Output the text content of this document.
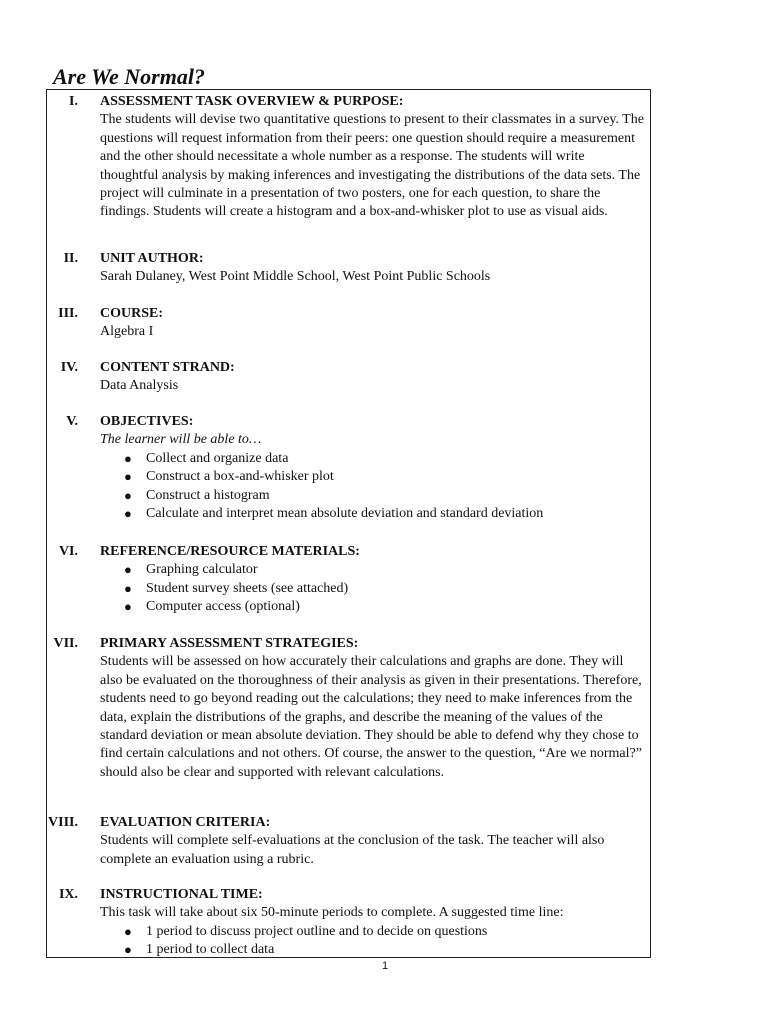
Are We Normal?
I. ASSESSMENT TASK OVERVIEW & PURPOSE:
The students will devise two quantitative questions to present to their classmates in a survey. The questions will request information from their peers: one question should require a measurement and the other should necessitate a whole number as a response. The students will write thoughtful analysis by making inferences and investigating the distributions of the data sets. The project will culminate in a presentation of two posters, one for each question, to share the findings. Students will create a histogram and a box-and-whisker plot to use as visual aids.
II. UNIT AUTHOR:
Sarah Dulaney, West Point Middle School, West Point Public Schools
III. COURSE:
Algebra I
IV. CONTENT STRAND:
Data Analysis
V. OBJECTIVES:
The learner will be able to…
● Collect and organize data
● Construct a box-and-whisker plot
● Construct a histogram
● Calculate and interpret mean absolute deviation and standard deviation
VI. REFERENCE/RESOURCE MATERIALS:
● Graphing calculator
● Student survey sheets (see attached)
● Computer access (optional)
VII. PRIMARY ASSESSMENT STRATEGIES:
Students will be assessed on how accurately their calculations and graphs are done. They will also be evaluated on the thoroughness of their analysis as given in their presentations. Therefore, students need to go beyond reading out the calculations; they need to make inferences from the data, explain the distributions of the graphs, and describe the meaning of the values of the standard deviation or mean absolute deviation. They should be able to defend why they chose to find certain calculations and not others. Of course, the answer to the question, “Are we normal?” should also be clear and supported with relevant calculations.
VIII. EVALUATION CRITERIA:
Students will complete self-evaluations at the conclusion of the task. The teacher will also complete an evaluation using a rubric.
IX. INSTRUCTIONAL TIME:
This task will take about six 50-minute periods to complete. A suggested time line:
● 1 period to discuss project outline and to decide on questions
● 1 period to collect data
1
